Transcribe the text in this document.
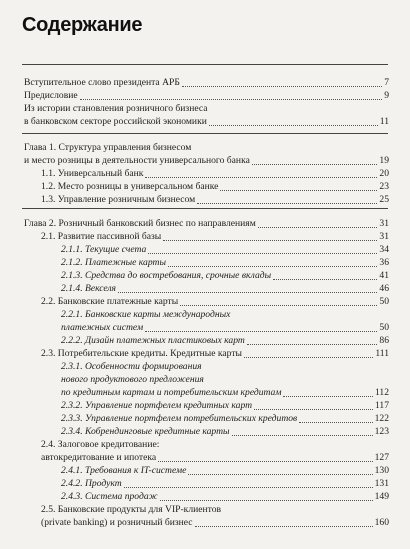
Содержание
Вступительное слово президента АРБ	7
Предисловие	9
Из истории становления розничного бизнеса
в банковском секторе российской экономики	11
Глава 1. Структура управления бизнесом
и место розницы в деятельности универсального банка	19
1.1. Универсальный банк	20
1.2. Место розницы в универсальном банке	23
1.3. Управление розничным бизнесом	25
Глава 2. Розничный банковский бизнес по направлениям	31
2.1. Развитие пассивной базы	31
2.1.1. Текущие счета	34
2.1.2. Платежные карты	36
2.1.3. Средства до востребования, срочные вклады	41
2.1.4. Векселя	46
2.2. Банковские платежные карты	50
2.2.1. Банковские карты международных
платежных систем	50
2.2.2. Дизайн платежных пластиковых карт	86
2.3. Потребительские кредиты. Кредитные карты	111
2.3.1. Особенности формирования
нового продуктового предложения
по кредитным картам и потребительским кредитам	112
2.3.2. Управление портфелем кредитных карт	117
2.3.3. Управление портфелем потребительских кредитов	122
2.3.4. Кобрендинговые кредитные карты	123
2.4. Залоговое кредитование:
автокредитование и ипотека	127
2.4.1. Требования к IT-системе	130
2.4.2. Продукт	131
2.4.3. Система продаж	149
2.5. Банковские продукты для VIP-клиентов
(private banking) и розничный бизнес	160
